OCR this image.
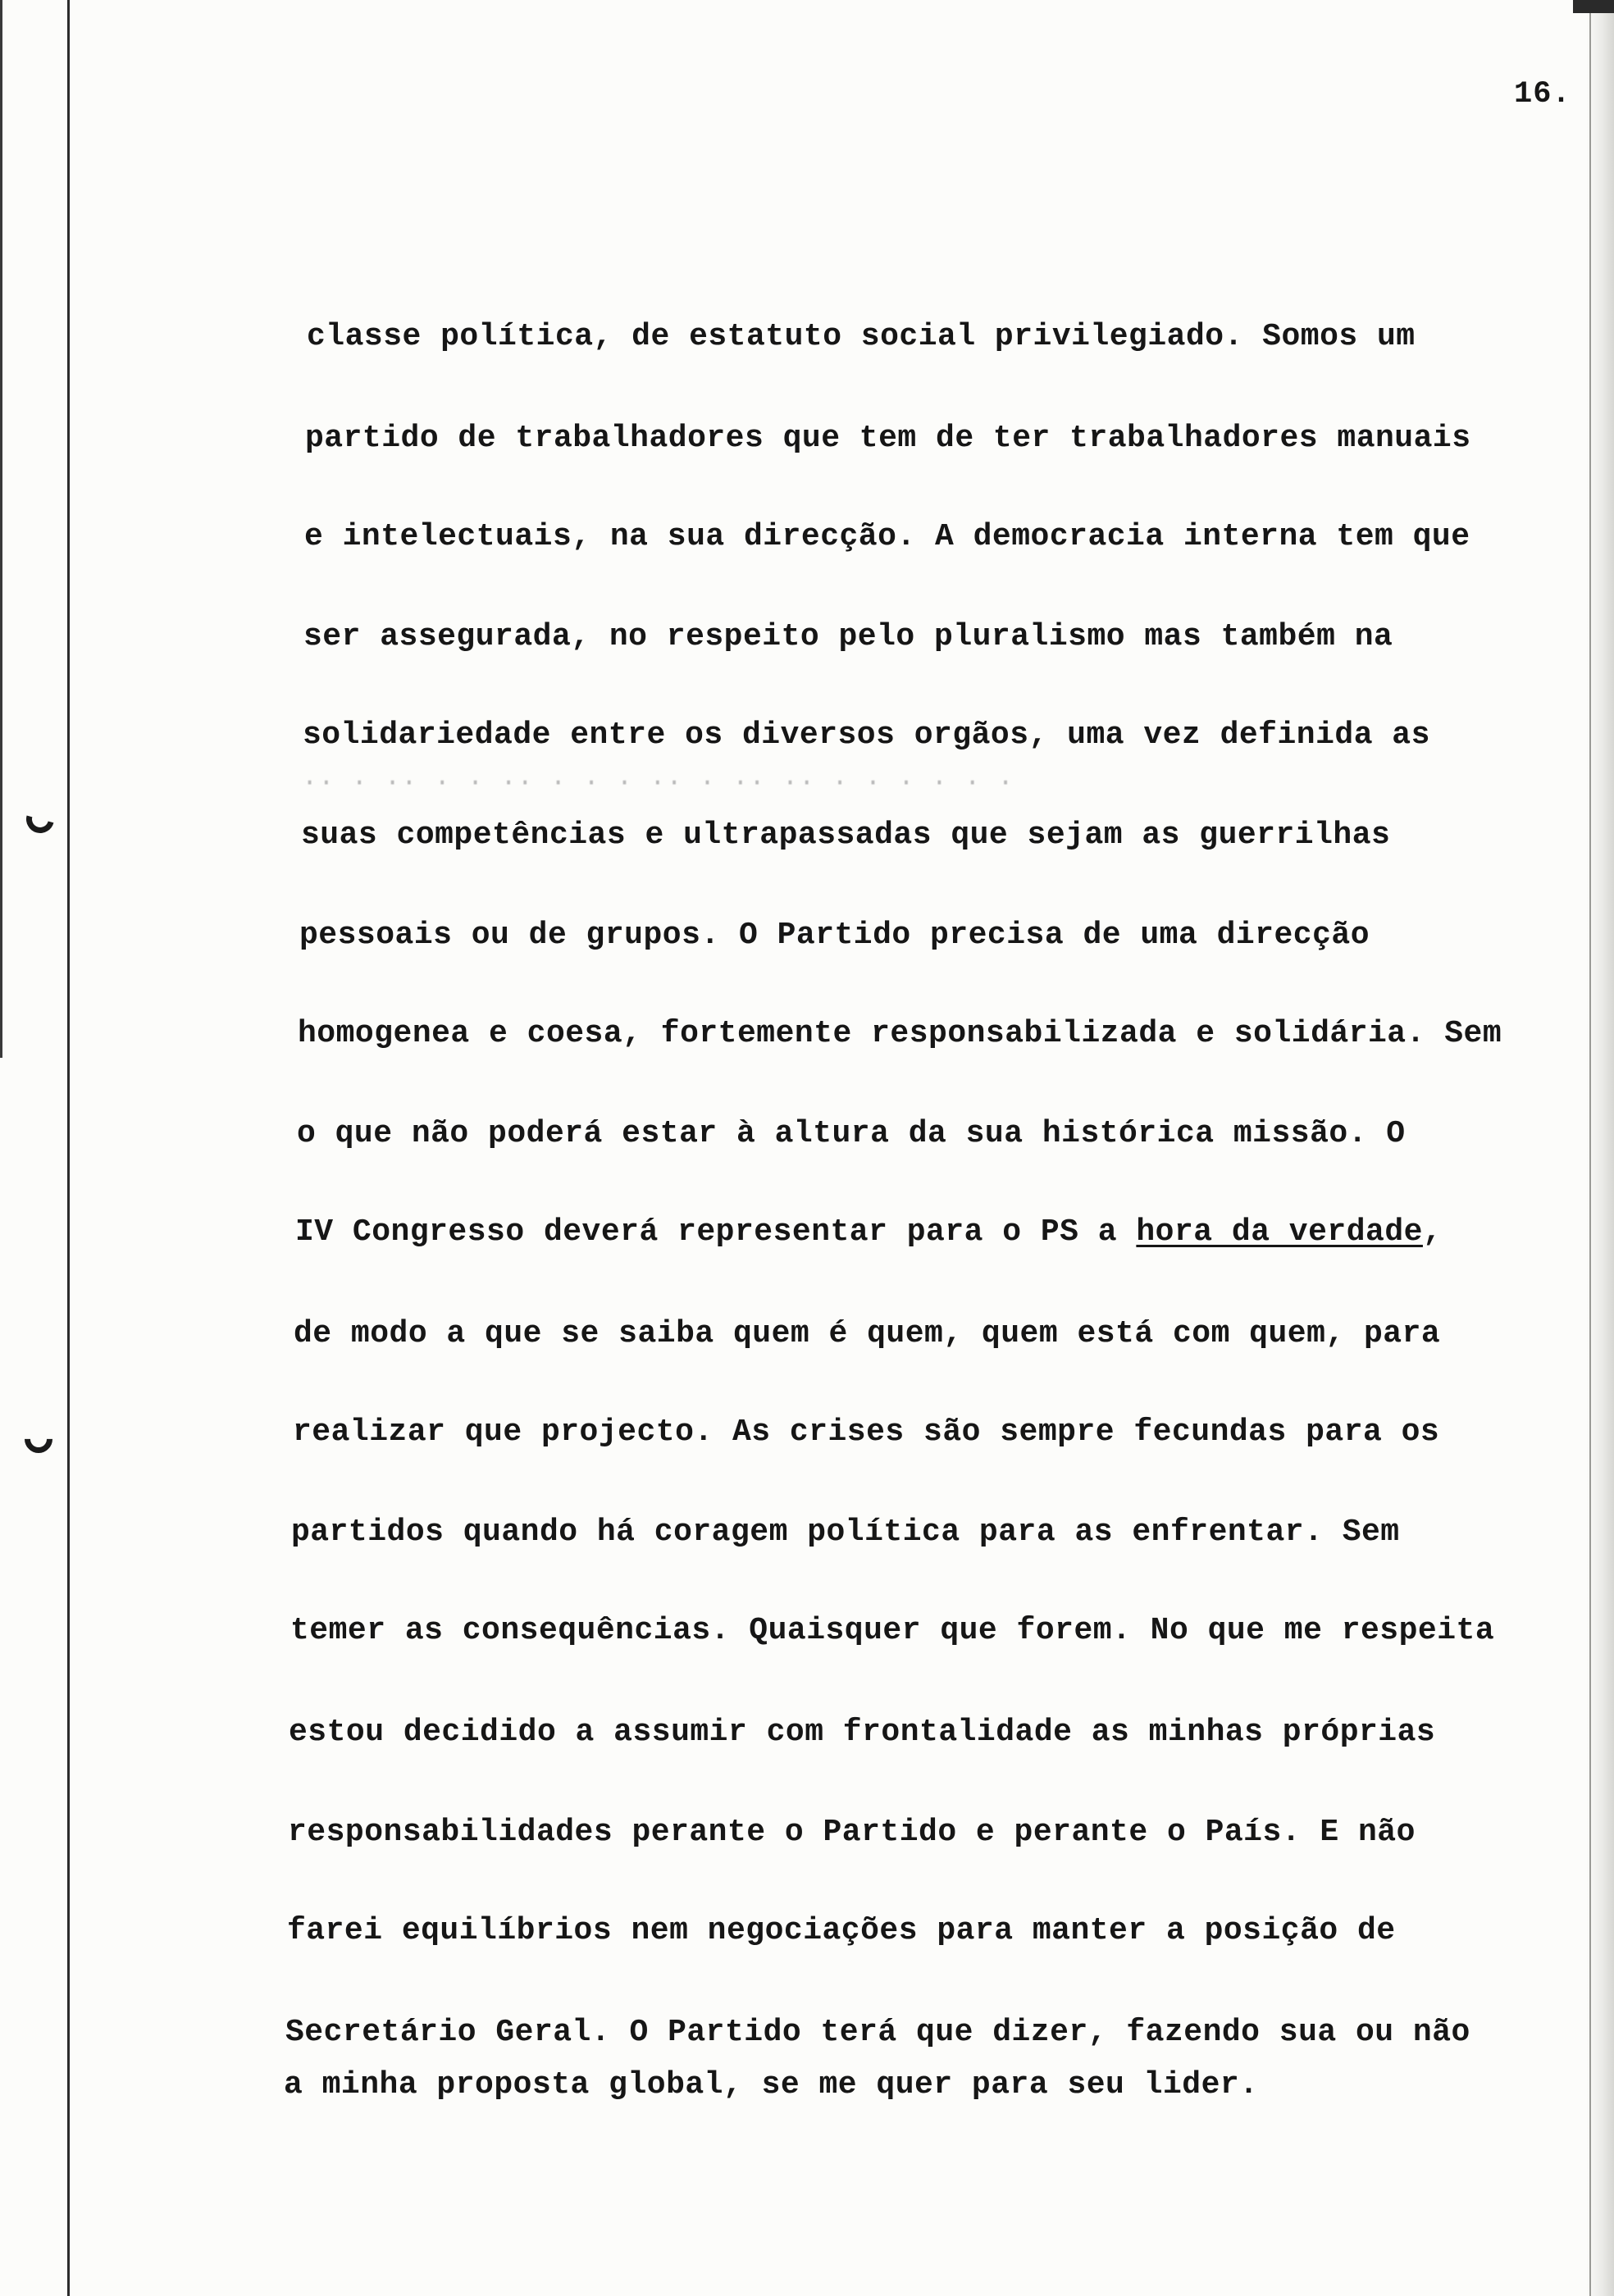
16.
·· · ·· · · ·· · · · ·· · ·· ·· · · · · · ·
classe política, de estatuto social privilegiado. Somos um
partido de trabalhadores que tem de ter trabalhadores manuais
e intelectuais, na sua direcção. A democracia interna tem que
ser assegurada, no respeito pelo pluralismo mas também na
solidariedade entre os diversos orgãos, uma vez definida as
suas competências e ultrapassadas que sejam as guerrilhas
pessoais ou de grupos. O Partido precisa de uma direcção
homogenea e coesa, fortemente responsabilizada e solidária. Sem
o que não poderá estar à altura da sua histórica missão. O
IV Congresso deverá representar para o PS a hora da verdade,
de modo a que se saiba quem é quem, quem está com quem, para
realizar que projecto. As crises são sempre fecundas para os
partidos quando há coragem política para as enfrentar. Sem
temer as consequências. Quaisquer que forem. No que me respeita
estou decidido a assumir com frontalidade as minhas próprias
responsabilidades perante o Partido e perante o País. E não
farei equilíbrios nem negociações para manter a posição de
Secretário Geral. O Partido terá que dizer, fazendo sua ou não
a minha proposta global, se me quer para seu lider.
